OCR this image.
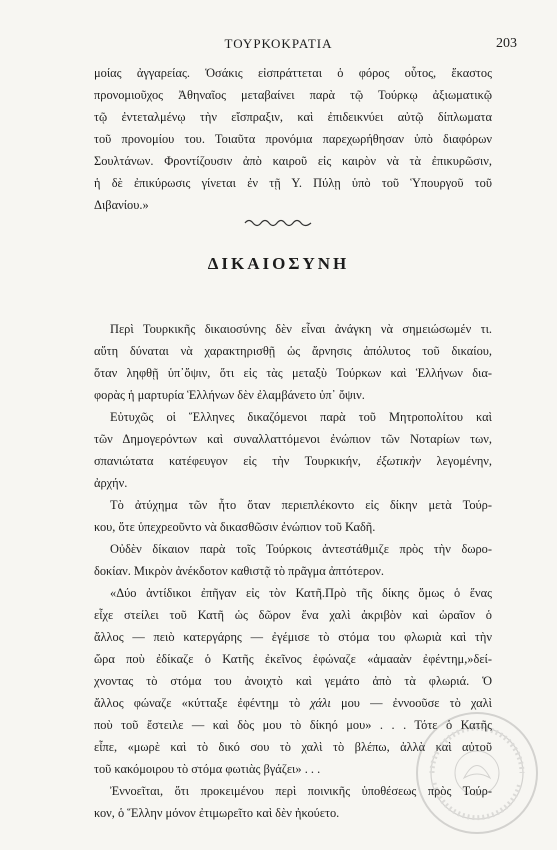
ΤΟΥΡΚΟΚΡΑΤΙΑ	203
μοίας ἀγγαρείας. Ὁσάκις εἰσπράττεται ὁ φόρος οὗτος, ἕκαστος
προνομιοῦχος Ἀθηναῖος μεταβαίνει παρὰ τῷ Τούρκῳ ἀξιωματικῷ
τῷ ἐντεταλμένῳ τὴν εἴσπραξιν, καὶ ἐπιδεικνύει αὐτῷ δίπλωματα
τοῦ προνομίου του. Τοιαῦτα προνόμια παρεχωρήθησαν ὑπὸ διαφόρων
Σουλτάνων. Φροντίζουσιν ἀπὸ καιροῦ εἰς καιρὸν νὰ τὰ ἐπικυρῶσιν,
ἡ δὲ ἐπικύρωσις γίνεται ἐν τῇ Υ. Πύλῃ ὑπὸ τοῦ Ὑπουργοῦ τοῦ
Διβανίου.»
ΔΙΚΑΙΟΣΥΝΗ
Περὶ Τουρκικῆς δικαιοσύνης δὲν εἶναι ἀνάγκη νὰ σημειώσωμέν τι.
αὕτη δύναται νὰ χαρακτηρισθῇ ὡς ἄρνησις ἀπόλυτος τοῦ δικαίου,
ὅταν ληφθῇ ὑπ᾽ὄψιν, ὅτι εἰς τὰς μεταξὺ Τούρκων καὶ Ἑλλήνων δια-
φορὰς ἡ μαρτυρία Ἑλλήνων δὲν ἐλαμβάνετο ὑπ᾽ ὄψιν.
Εὐτυχῶς οἱ Ἕλληνες δικαζόμενοι παρὰ τοῦ Μητροπολίτου καὶ
τῶν Δημογερόντων καὶ συναλλαττόμενοι ἐνώπιον τῶν Νοταρίων των,
σπανιώτατα κατέφευγον εἰς τὴν Τουρκικήν, ἐξωτικὴν λεγομένην,
ἀρχήν.
Τὸ ἀτύχημα τῶν ἦτο ὅταν περιεπλέκοντο εἰς δίκην μετὰ Τούρ-
κου, ὅτε ὑπεχρεοῦντο νὰ δικασθῶσιν ἐνώπιον τοῦ Καδῆ.
Οὐδὲν δίκαιον παρὰ τοῖς Τούρκοις ἀντεστάθμιζε πρὸς τὴν δωρο-
δοκίαν. Μικρὸν ἀνέκδοτον καθιστᾷ τὸ πρᾶγμα ἀπτότερον.
«Δύο ἀντίδικοι ἐπῆγαν εἰς τὸν Κατῆ.Πρὸ τῆς δίκης ὅμως ὁ ἕνας
εἶχε στείλει τοῦ Κατῆ ὡς δῶρον ἕνα χαλὶ ἀκριβὸν καὶ ὡραῖον ὁ
ἄλλος — πειὸ κατεργάρης — ἐγέμισε τὸ στόμα του φλωριὰ καὶ τὴν
ὥρα ποὺ ἐδίκαζε ὁ Κατῆς ἐκεῖνος ἐφώναζε «ἀμααὰν ἐφέντημ,»δεί-
χνοντας τὸ στόμα του ἀνοιχτὸ καὶ γεμάτο ἀπὸ τὰ φλωριά. Ὁ
ἄλλος φώναζε «κύτταξε ἐφέντημ τὸ χάλι μου — ἐννοοῦσε τὸ χαλὶ
ποὺ τοῦ ἔστειλε — καὶ δὸς μου τὸ δίκηό μου» . . . Τότε ὁ Κατῆς
εἶπε, «μωρὲ καὶ τὸ δικό σου τὸ χαλὶ τὸ βλέπω, ἀλλὰ καὶ αὐτοῦ
τοῦ κακόμοιρου τὸ στόμα φωτιὰς βγάζει» . . .
Ἐννοεῖται, ὅτι προκειμένου περὶ ποινικῆς ὑποθέσεως πρὸς Τούρ-
κον, ὁ Ἕλλην μόνον ἐτιμωρεῖτο καὶ δὲν ἠκούετο.
